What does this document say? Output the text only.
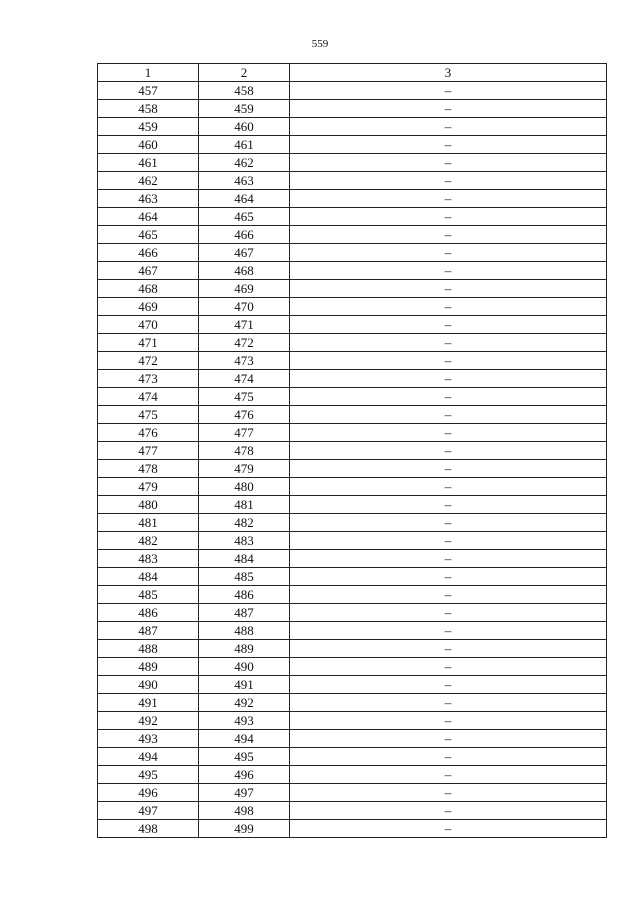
559
1	2	3
457	458	–
458	459	–
459	460	–
460	461	–
461	462	–
462	463	–
463	464	–
464	465	–
465	466	–
466	467	–
467	468	–
468	469	–
469	470	–
470	471	–
471	472	–
472	473	–
473	474	–
474	475	–
475	476	–
476	477	–
477	478	–
478	479	–
479	480	–
480	481	–
481	482	–
482	483	–
483	484	–
484	485	–
485	486	–
486	487	–
487	488	–
488	489	–
489	490	–
490	491	–
491	492	–
492	493	–
493	494	–
494	495	–
495	496	–
496	497	–
497	498	–
498	499	–
